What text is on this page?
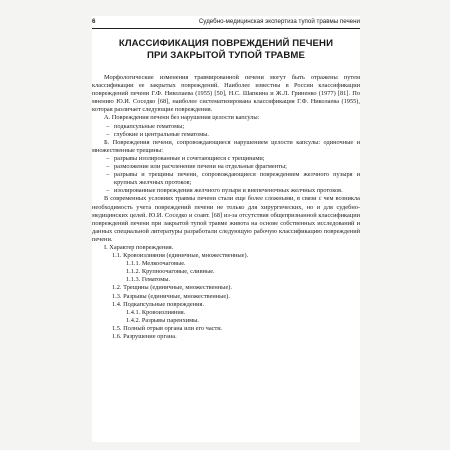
6	Судебно-медицинская экспертиза тупой травмы печени
КЛАССИФИКАЦИЯ ПОВРЕЖДЕНИЙ ПЕЧЕНИ
ПРИ ЗАКРЫТОЙ ТУПОЙ ТРАВМЕ

Морфологические изменения травмированной печени могут быть отражены путем классификации ее закрытых повреждений. Наиболее известны в России классификации повреждений печени Г.Ф. Николаева (1955) [50], Н.С. Шапкина и Ж.Л. Гриненко (1977) [81]. По мнению Ю.И. Соседко [68], наиболее систематизирована классификация Г.Ф. Николаева (1955), которая различает следующие повреждения.

А. Повреждения печени без нарушения целости капсулы:

– подкапсульные гематомы;

– глубокие и центральные гематомы.

Б. Повреждения печени, сопровождающиеся нарушением целости капсулы: одиночные и множественные трещины:

– разрывы изолированные и сочетающиеся с трещинами;

– размозжение или расчленение печени на отдельные фрагменты;

– разрывы и трещины печени, сопровождающиеся повреждением желчного пузыря и крупных желчных протоков;

– изолированные повреждения желчного пузыря и внепеченочных желчных протоков.

В современных условиях травмы печени стали еще более сложными, в связи с чем возникла необходимость учета повреждений печени не только для хирургических, но и для судебно-медицинских целей. Ю.И. Соседко и соавт. [68] из-за отсутствия общепризнанной классификации повреждений печени при закрытой тупой травме живота на основе собственных исследований и данных специальной литературы разработали следующую рабочую классификацию повреждений печени.

I. Характер повреждения.

1.1. Кровоизлияния (единичные, множественные).

1.1.1. Мелкоочаговые.

1.1.2. Крупноочаговые, сливные.

1.1.3. Гематомы.

1.2. Трещины (единичные, множественные).

1.3. Разрывы (единичные, множественные).

1.4. Подкапсульные повреждения.

1.4.1. Кровоизлияния.

1.4.2. Разрывы паренхимы.

1.5. Полный отрыв органа или его части.

1.6. Разрушение органа.
